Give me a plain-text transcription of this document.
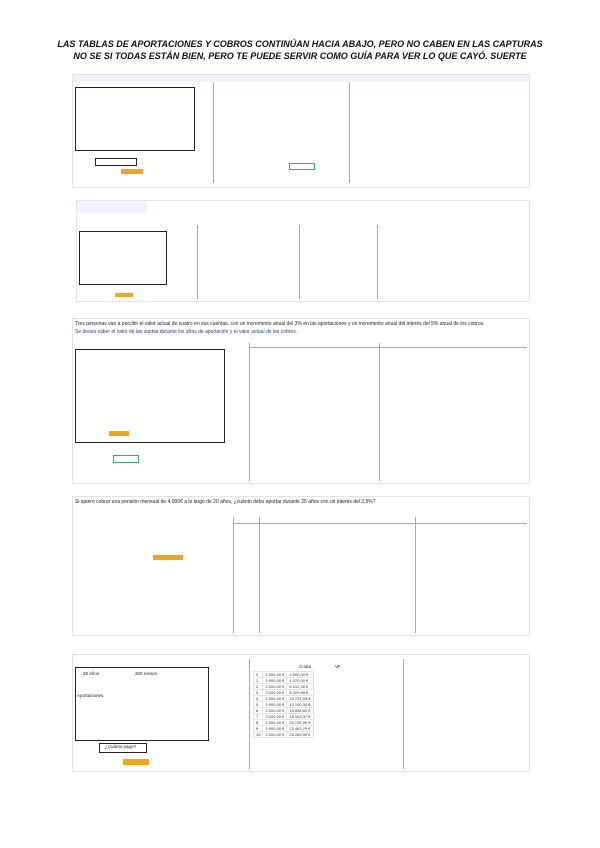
LAS TABLAS DE APORTACIONES Y COBROS CONTINÚAN HACIA ABAJO, PERO NO CABEN EN LAS CAPTURAS
NO SE SI TODAS ESTÁN BIEN, PERO TE PUEDE SERVIR COMO GUÍA PARA VER LO QUE CAYÓ. SUERTE
Tres personas van a percibir el valor actual de cuatro en sus cuentas, con un incremento anual del 3% en las aportaciones y un incremento anual del interés del 5% anual de los cobros.
Se desea saber el valor de las cuotas durante los años de aportación y el valor actual de los cobros.
Si quiero cobrar una pensión mensual de 4.000€ a lo largo de 20 años, ¿cuánto debo aportar durante 25 años con un interés del 3,5%?
25 años	300 meses
Aportaciones
¿Cuánto pago?
Cuota	VF
0	2.000,00 €	2.000,00 €
1	2.000,00 €	4.070,00 €
2	2.000,00 €	6.212,45 €
3	2.000,00 €	8.429,88 €
4	2.000,00 €	10.724,93 €
5	2.000,00 €	13.100,30 €
6	2.000,00 €	15.558,81 €
7	2.000,00 €	18.103,37 €
8	2.000,00 €	20.736,99 €
9	2.000,00 €	23.462,79 €
10	2.000,00 €	26.283,99 €
